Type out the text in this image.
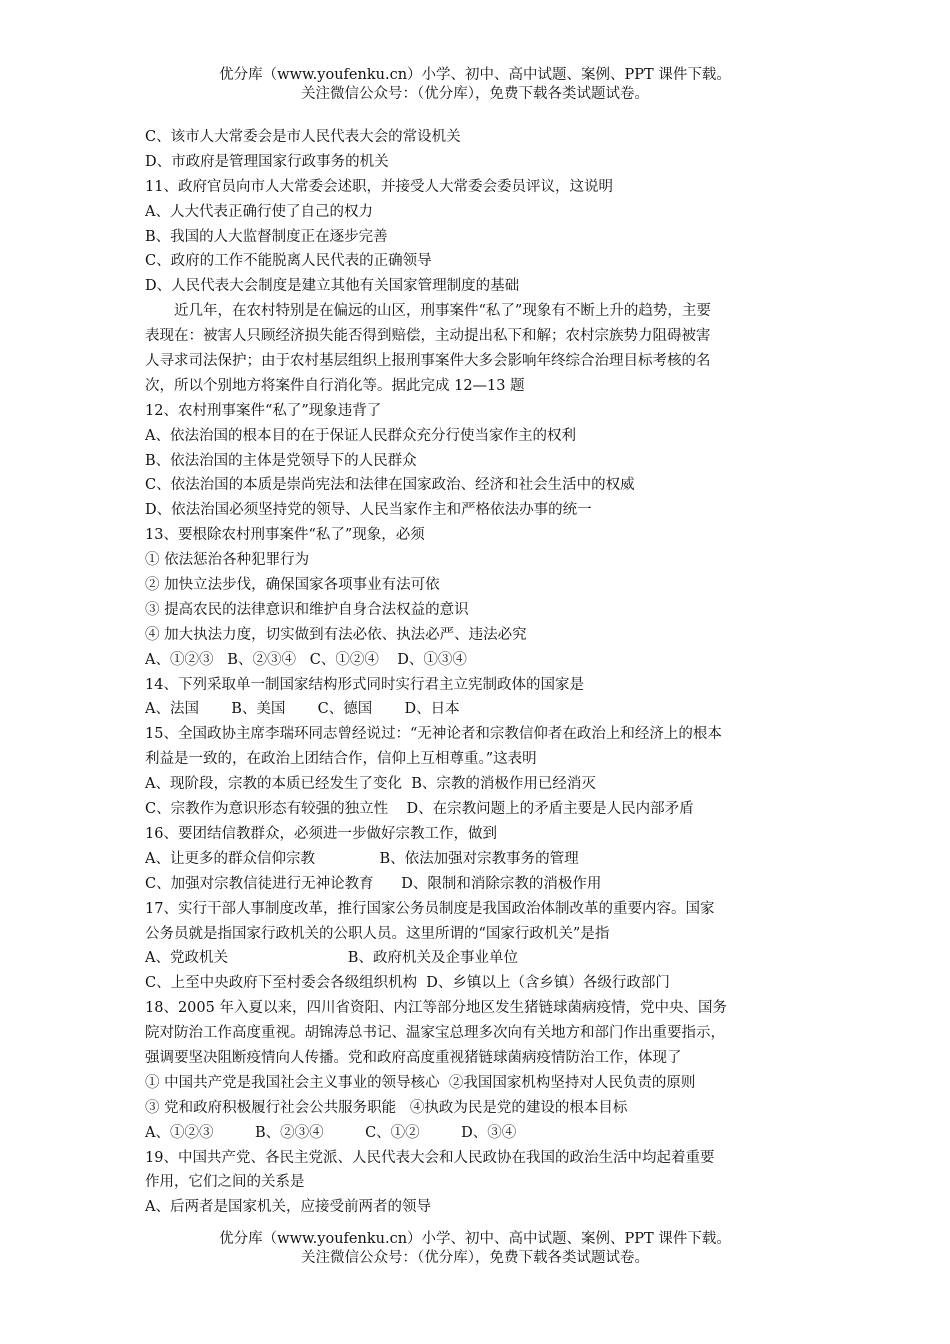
优分库（www.youfenku.cn）小学、初中、高中试题、案例、PPT 课件下载。
关注微信公众号：（优分库），免费下载各类试题试卷。
C、该市人大常委会是市人民代表大会的常设机关
D、市政府是管理国家行政事务的机关
11、政府官员向市人大常委会述职，并接受人大常委会委员评议，这说明
A、人大代表正确行使了自己的权力
B、我国的人大监督制度正在逐步完善
C、政府的工作不能脱离人民代表的正确领导
D、人民代表大会制度是建立其他有关国家管理制度的基础
近几年，在农村特别是在偏远的山区，刑事案件“私了”现象有不断上升的趋势，主要
表现在：被害人只顾经济损失能否得到赔偿，主动提出私下和解；农村宗族势力阻碍被害
人寻求司法保护；由于农村基层组织上报刑事案件大多会影响年终综合治理目标考核的名
次，所以个别地方将案件自行消化等。据此完成 12—13 题
12、农村刑事案件“私了”现象违背了
A、依法治国的根本目的在于保证人民群众充分行使当家作主的权利
B、依法治国的主体是党领导下的人民群众
C、依法治国的本质是崇尚宪法和法律在国家政治、经济和社会生活中的权威
D、依法治国必须坚持党的领导、人民当家作主和严格依法办事的统一
13、要根除农村刑事案件“私了”现象，必须
① 依法惩治各种犯罪行为
② 加快立法步伐，确保国家各项事业有法可依
③ 提高农民的法律意识和维护自身合法权益的意识
④ 加大执法力度，切实做到有法必依、执法必严、违法必究
A、①②③   B、②③④   C、①②④    D、①③④
14、下列采取单一制国家结构形式同时实行君主立宪制政体的国家是
A、法国       B、美国       C、德国       D、日本
15、全国政协主席李瑞环同志曾经说过：“无神论者和宗教信仰者在政治上和经济上的根本
利益是一致的，在政治上团结合作，信仰上互相尊重。”这表明
A、现阶段，宗教的本质已经发生了变化  B、宗教的消极作用已经消灭
C、宗教作为意识形态有较强的独立性    D、在宗教问题上的矛盾主要是人民内部矛盾
16、要团结信教群众，必须进一步做好宗教工作，做到
A、让更多的群众信仰宗教              B、依法加强对宗教事务的管理
C、加强对宗教信徒进行无神论教育      D、限制和消除宗教的消极作用
17、实行干部人事制度改革，推行国家公务员制度是我国政治体制改革的重要内容。国家
公务员就是指国家行政机关的公职人员。这里所谓的“国家行政机关”是指
A、党政机关                          B、政府机关及企事业单位
C、上至中央政府下至村委会各级组织机构  D、乡镇以上（含乡镇）各级行政部门
18、2005 年入夏以来，四川省资阳、内江等部分地区发生猪链球菌病疫情，党中央、国务
院对防治工作高度重视。胡锦涛总书记、温家宝总理多次向有关地方和部门作出重要指示，
强调要坚决阻断疫情向人传播。党和政府高度重视猪链球菌病疫情防治工作，体现了
① 中国共产党是我国社会主义事业的领导核心  ②我国国家机构坚持对人民负责的原则
③ 党和政府积极履行社会公共服务职能   ④执政为民是党的建设的根本目标
A、①②③         B、②③④         C、①②         D、③④
19、中国共产党、各民主党派、人民代表大会和人民政协在我国的政治生活中均起着重要
作用，它们之间的关系是
A、后两者是国家机关，应接受前两者的领导
优分库（www.youfenku.cn）小学、初中、高中试题、案例、PPT 课件下载。
关注微信公众号：（优分库），免费下载各类试题试卷。
